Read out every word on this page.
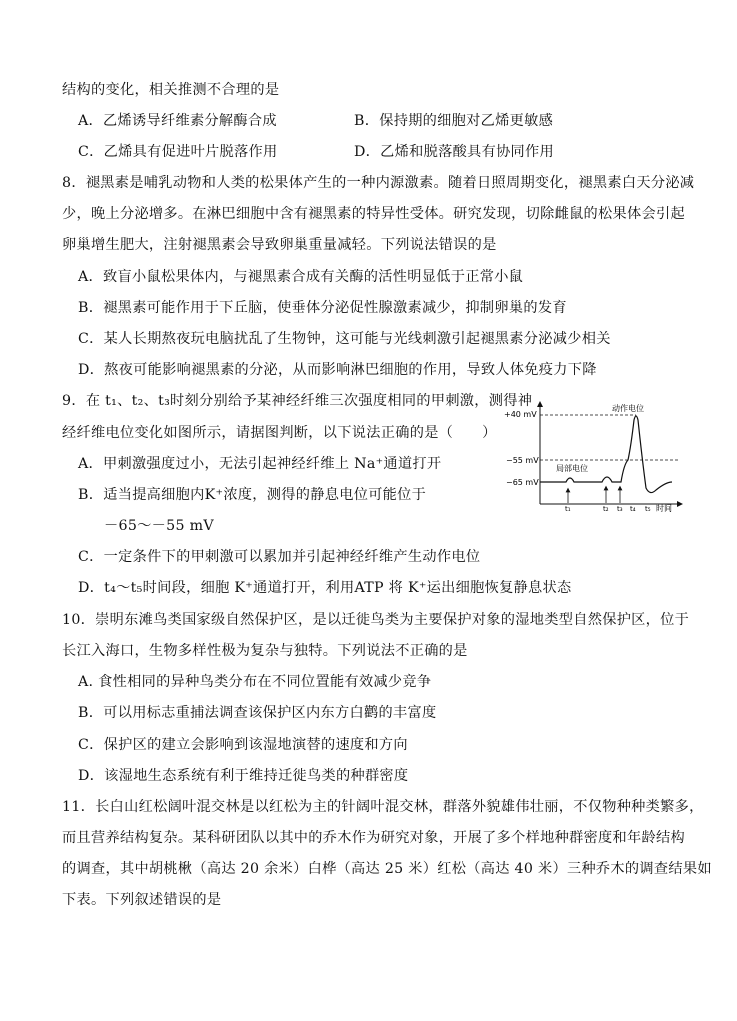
结构的变化，相关推测不合理的是
A．乙烯诱导纤维素分解酶合成	B．保持期的细胞对乙烯更敏感
C．乙烯具有促进叶片脱落作用	D．乙烯和脱落酸具有协同作用
8．褪黑素是哺乳动物和人类的松果体产生的一种内源激素。随着日照周期变化，褪黑素白天分泌减
少，晚上分泌增多。在淋巴细胞中含有褪黑素的特异性受体。研究发现，切除雌鼠的松果体会引起
卵巢增生肥大，注射褪黑素会导致卵巢重量减轻。下列说法错误的是
A．致盲小鼠松果体内，与褪黑素合成有关酶的活性明显低于正常小鼠
B．褪黑素可能作用于下丘脑，使垂体分泌促性腺激素减少，抑制卵巢的发育
C．某人长期熬夜玩电脑扰乱了生物钟，这可能与光线刺激引起褪黑素分泌减少相关
D．熬夜可能影响褪黑素的分泌，从而影响淋巴细胞的作用，导致人体免疫力下降
9．在 t₁、t₂、t₃时刻分别给予某神经纤维三次强度相同的甲刺激，测得神
经纤维电位变化如图所示，请据图判断，以下说法正确的是（　　）
A．甲刺激强度过小，无法引起神经纤维上 Na⁺通道打开
B．适当提高细胞内K⁺浓度，测得的静息电位可能位于
－65～－55 mV
C．一定条件下的甲刺激可以累加并引起神经纤维产生动作电位
D．t₄～t₅时间段，细胞 K⁺通道打开，利用ATP 将 K⁺运出细胞恢复静息状态
10．崇明东滩鸟类国家级自然保护区，是以迁徙鸟类为主要保护对象的湿地类型自然保护区，位于
长江入海口，生物多样性极为复杂与独特。下列说法不正确的是
A. 食性相同的异种鸟类分布在不同位置能有效减少竞争
B．可以用标志重捕法调查该保护区内东方白鹳的丰富度
C．保护区的建立会影响到该湿地演替的速度和方向
D．该湿地生态系统有利于维持迁徙鸟类的种群密度
11．长白山红松阔叶混交林是以红松为主的针阔叶混交林，群落外貌雄伟壮丽，不仅物种种类繁多，
而且营养结构复杂。某科研团队以其中的乔木作为研究对象，开展了多个样地种群密度和年龄结构
的调查，其中胡桃楸（高达 20 余米）白桦（高达 25 米）红松（高达 40 米）三种乔木的调查结果如
下表。下列叙述错误的是
+40 mV
−55 mV
−65 mV
动作电位
局部电位
t₁	t₂ t₃ t₄ t₅ 时间
